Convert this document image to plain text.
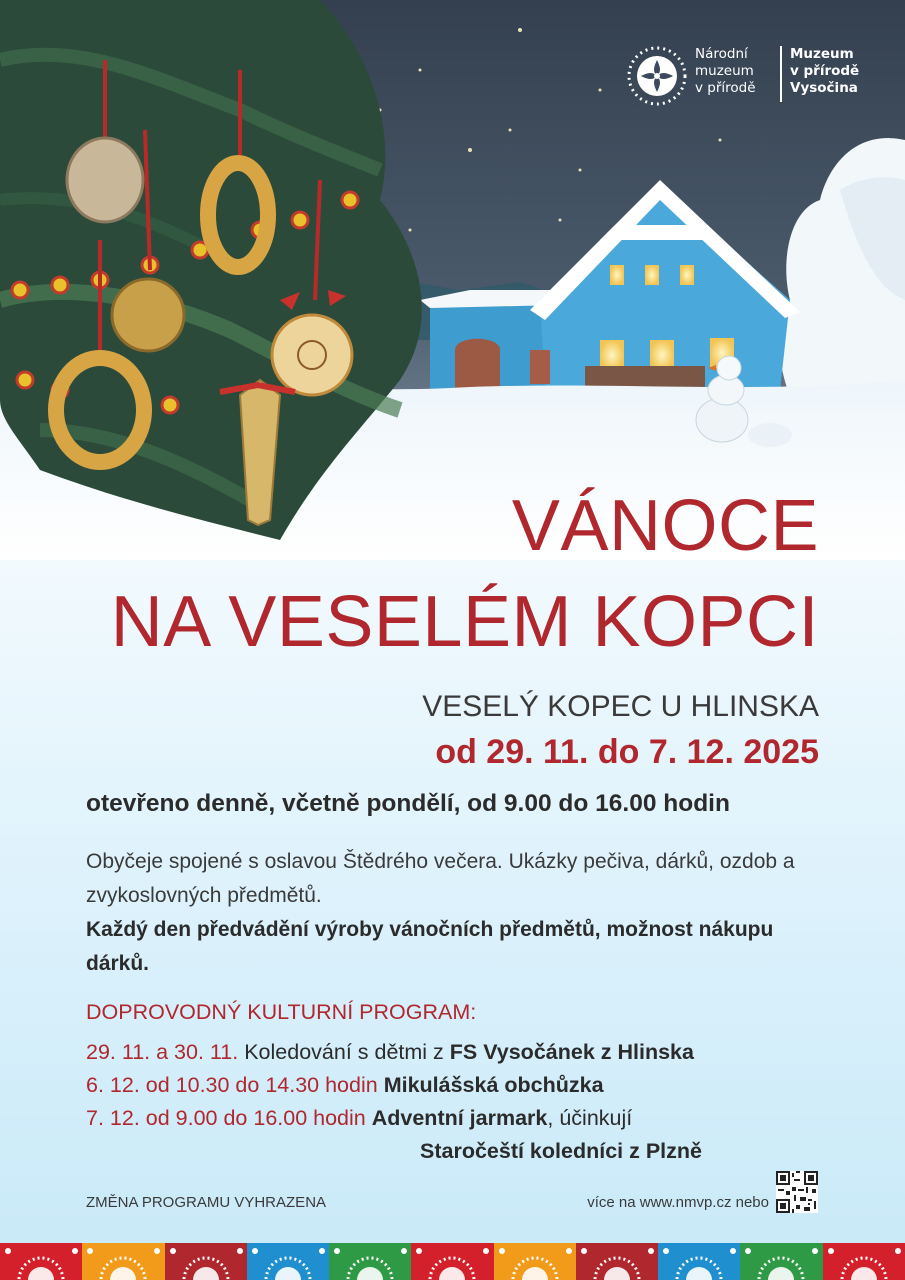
Národní
muzeum
v přírodě
Muzeum
v přírodě
Vysočina
VÁNOCE
NA VESELÉM KOPCI
VESELÝ KOPEC U HLINSKA
od 29. 11. do 7. 12. 2025
otevřeno denně, včetně pondělí, od 9.00 do 16.00 hodin

Obyčeje spojené s oslavou Štědrého večera. Ukázky pečiva, dárků, ozdob a zvykoslovných předmětů.

Každý den předvádění výroby vánočních předmětů, možnost nákupu dárků.

DOPROVODNÝ KULTURNÍ PROGRAM:
29. 11. a 30. 11. Koledování s dětmi z FS Vysočánek z Hlinska
6. 12. od 10.30 do 14.30 hodin Mikulášská obchůzka
7. 12. od 9.00 do 16.00 hodin Adventní jarmark, účinkují
Staročeští koledníci z Plzně
ZMĚNA PROGRAMU VYHRAZENA	více na www.nmvp.cz nebo
